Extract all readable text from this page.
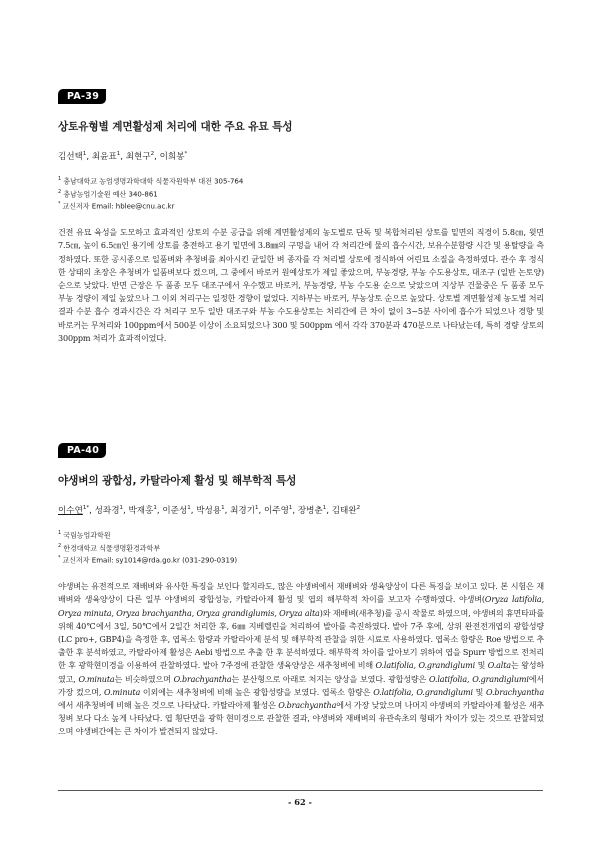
PA-39
상토유형별 계면활성제 처리에 대한 주요 유묘 특성
김선택$^1$, 최윤표$^1$, 최현구$^2$, 이희봉*
$^1$ 충남대학교 농업생명과학대학 식물자원학부 대전 305-764
$^2$ 충남농업기술원 예산 340-861
* 교신저자 Email: hblee@cnu.ac.kr

건전 유묘 육성을 도모하고 효과적인 상토의 수분 공급을 위해 계면활성제의 농도별로 단독 및 복합처리된 상토를 밑면의 직경이 5.8㎝, 윗면 7.5㎝, 높이 6.5㎝인 용기에 상토를 충전하고 용기 밑면에 3.8㎜의 구멍을 내어 각 처리간에 물의 흡수시간, 보유수분함량 시간 및 용탈량을 측정하였다. 또한 공시종으로 일품벼와 추청벼를 최아시킨 균일한 벼 종자를 각 처리별 상토에 정식하여 어린묘 소질을 측정하였다. 관수 후 정식한 상태의 초장은 추청벼가 일품벼보다 컸으며, 그 중에서 바로커 원예상토가 제일 좋았으며, 부농경량, 부농 수도용상토, 대조구 (일반 논토양)순으로 낮았다. 반면 근장은 두 품종 모두 대조구에서 우수했고 바로커, 부농경량, 부농 수도용 순으로 낮았으며 지상부 건물중은 두 품종 모두 부농 경량이 제일 높았으나 그 이외 처리구는 일정한 경향이 없었다. 지하부는 바로커, 부농상토 순으로 높았다. 상토별 계면활성제 농도별 처리 결과 수분 흡수 경과시간은 각 처리구 모두 일반 대조구와 부농 수도용상토는 처리간에 큰 차이 없이 3~5분 사이에 흡수가 되었으나 경향 및 바로커는 무처리와 100ppm에서 500분 이상이 소요되었으나 300 및 500ppm 에서 각각 370분과 470분으로 나타났는데, 특히 경량 상토의 300ppm 처리가 효과적이었다.

PA-40
야생벼의 광합성, 카탈라아제 활성 및 해부학적 특성
이수연$^{1*}$, 성좌경$^1$, 박재홍$^1$, 이준성$^1$, 박성용$^1$, 최경기$^1$, 이주영$^1$, 장병춘$^1$, 김태완$^2$
$^1$ 국립농업과학원
$^2$ 한경대학교 식물생명환경과학부
* 교신저자 Email: sy1014@rda.go.kr (031-290-0319)

야생벼는 유전적으로 재배벼와 유사한 특징을 보인다 할지라도, 많은 야생벼에서 재배벼와 생육양상이 다른 특징을 보이고 있다. 본 시험은 재배벼와 생육양상이 다른 일부 야생벼의 광합성능, 카탈라아제 활성 및 엽의 해부학적 차이를 보고자 수행하였다. 야생벼(Oryza latifolia, Oryza minuta, Oryza brachyantha, Oryza grandiglumis, Oryza alta)와 재배벼(새추청)를 공시 작물로 하였으며, 야생벼의 휴면타파를 위해 40℃에서 3일, 50℃에서 2일간 처리한 후, 6㎜ 지베렐린을 처리하여 발아를 촉진하였다. 발아 7주 후에, 상위 완전전개엽의 광합성량 (LC pro+, GBP4)을 측정한 후, 엽록소 함량과 카탈라아제 분석 및 해부학적 관찰을 위한 시료로 사용하였다. 엽록소 함량은 Roe 방법으로 추출한 후 분석하였고, 카탈라아제 활성은 Aebi 방법으로 추출 한 후 분석하였다. 해부학적 차이를 알아보기 위하여 엽을 Spurr 방법으로 전처리한 후 광학현미경을 이용하여 관찰하였다. 발아 7주경에 관찰한 생육양상은 새추청벼에 비해 O.latifolia, O.grandiglumi 및 O.alta는 왕성하였고, O.minuta는 비슷하였으며 O.brachyantha는 분산형으로 아래로 처지는 양상을 보였다. 광합성량은 O.latifolia, O.grandiglumi에서 가장 컸으며, O.minuta 이외에는 새추청벼에 비해 높은 광합성량을 보였다. 엽록소 함량은 O.latifolia, O.grandiglumi 및 O.brachyantha에서 새추청벼에 비해 높은 것으로 나타났다. 카탈라아제 활성은 O.brachyantha에서 가장 낮았으며 나머지 야생벼의 카탈라아제 활성은 새추청벼 보다 다소 높게 나타났다. 엽 횡단면을 광학 현미경으로 관찰한 결과, 야생벼와 재배벼의 유관속초의 형태가 차이가 있는 것으로 관찰되었으며 야생벼간에는 큰 차이가 발견되지 않았다.

- 62 -
